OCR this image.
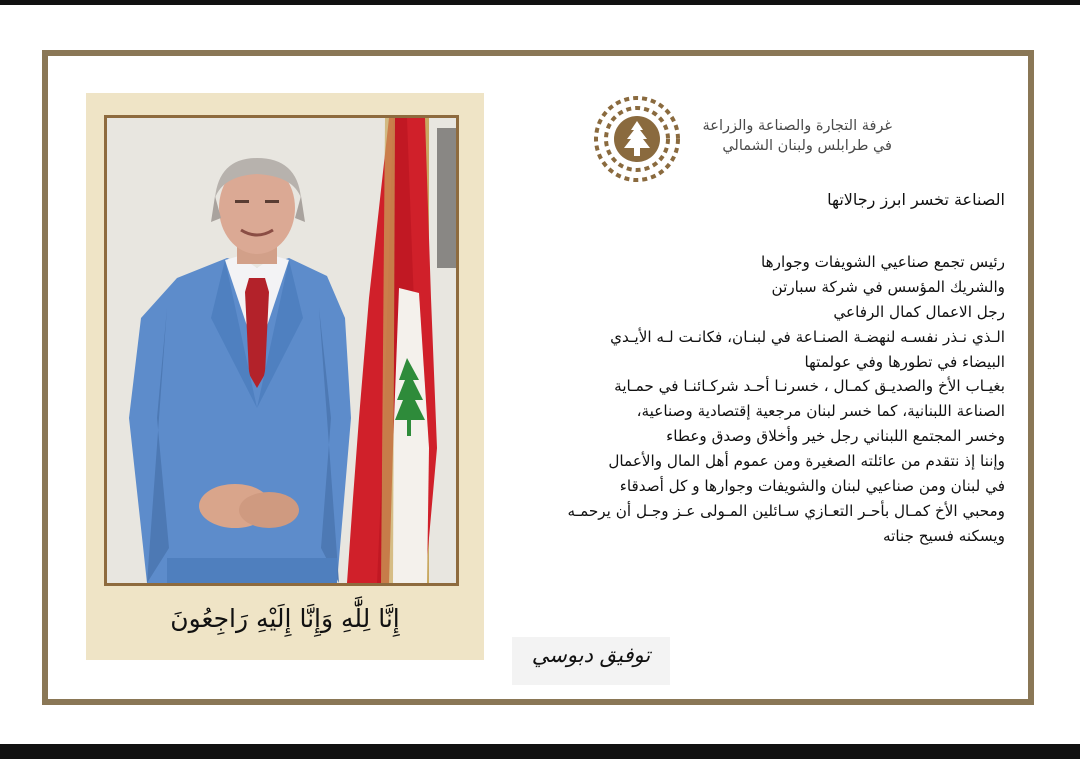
إِنَّا لِلَّٰهِ وَإِنَّا إِلَيْهِ رَاجِعُونَ
غرفة التجارة والصناعة والزراعة
في طرابلس ولبنان الشمالي
الصناعة تخسر ابرز رجالاتها
رئيس تجمع صناعيي الشويفات وجوارها
والشريك المؤسس في شركة سبارتن
رجل الاعمال كمال الرفاعي
الـذي نـذر نفسـه لنهضـة الصنـاعة في لبنـان، فكانـت لـه الأيـدي
البيضاء في تطورها وفي عولمتها
بغيـاب الأخ والصديـق كمـال ، خسرنـا أحـد شركـائنـا في حمـاية
الصناعة اللبنانية، كما خسر لبنان مرجعية إقتصادية وصناعية،
وخسر المجتمع اللبناني رجل خير وأخلاق وصدق وعطاء
وإننا إذ نتقدم من عائلته الصغيرة ومن عموم أهل المال والأعمال
في لبنان ومن صناعيي لبنان والشويفات وجوارها و كل أصدقاء
ومحبي الأخ كمـال بأحـر التعـازي سـائلين المـولى عـز وجـل أن يرحمـه
ويسكنه فسيح جناته
توفيق دبوسي
